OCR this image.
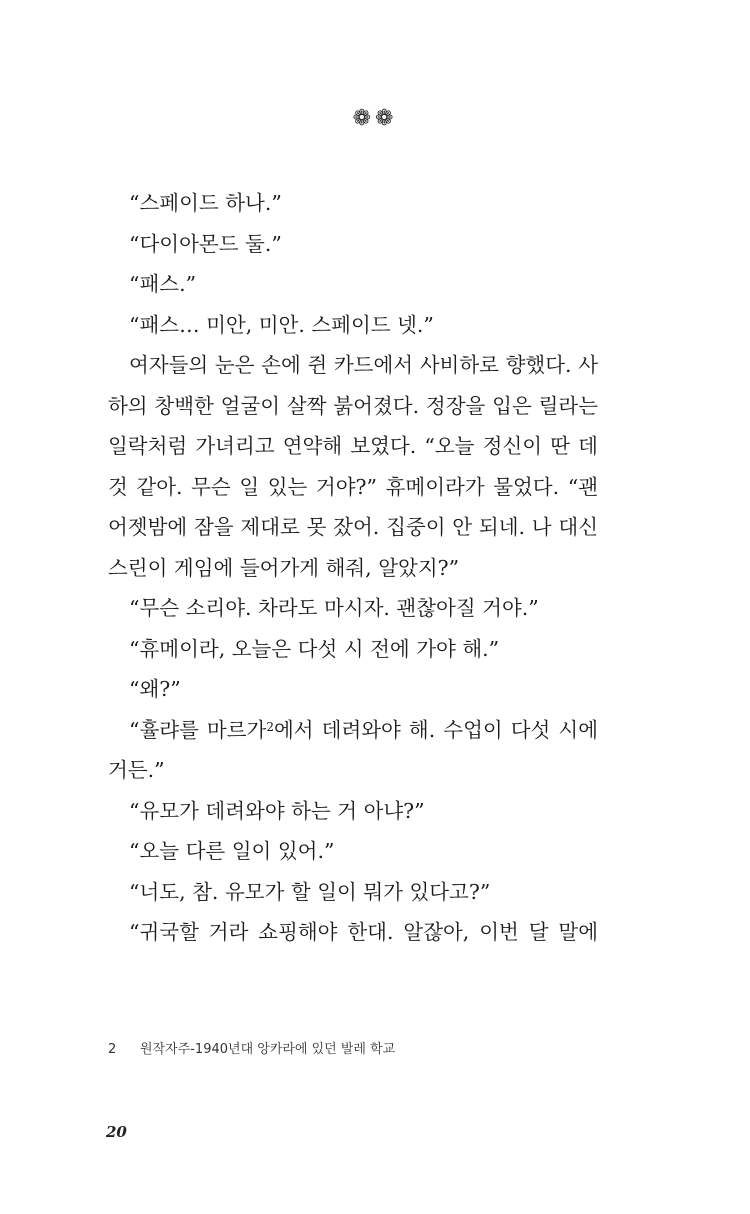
❁❁
“스페이드 하나.”
“다이아몬드 둘.”
“패스.”
“패스… 미안, 미안. 스페이드 넷.”
여자들의 눈은 손에 쥔 카드에서 사비하로 향했다. 사
하의 창백한 얼굴이 살짝 붉어졌다. 정장을 입은 릴라는
일락처럼 가녀리고 연약해 보였다. “오늘 정신이 딴 데
것 같아. 무슨 일 있는 거야?” 휴메이라가 물었다. “괜
어젯밤에 잠을 제대로 못 잤어. 집중이 안 되네. 나 대신
스린이 게임에 들어가게 해줘, 알았지?”
“무슨 소리야. 차라도 마시자. 괜찮아질 거야.”
“휴메이라, 오늘은 다섯 시 전에 가야 해.”
“왜?”
“휼랴를 마르가$^2$에서 데려와야 해. 수업이 다섯 시에
거든.”
“유모가 데려와야 하는 거 아냐?”
“오늘 다른 일이 있어.”
“너도, 참. 유모가 할 일이 뭐가 있다고?”
“귀국할 거라 쇼핑해야 한대. 알잖아, 이번 달 말에
2 원작자주-1940년대 앙카라에 있던 발레 학교
20
